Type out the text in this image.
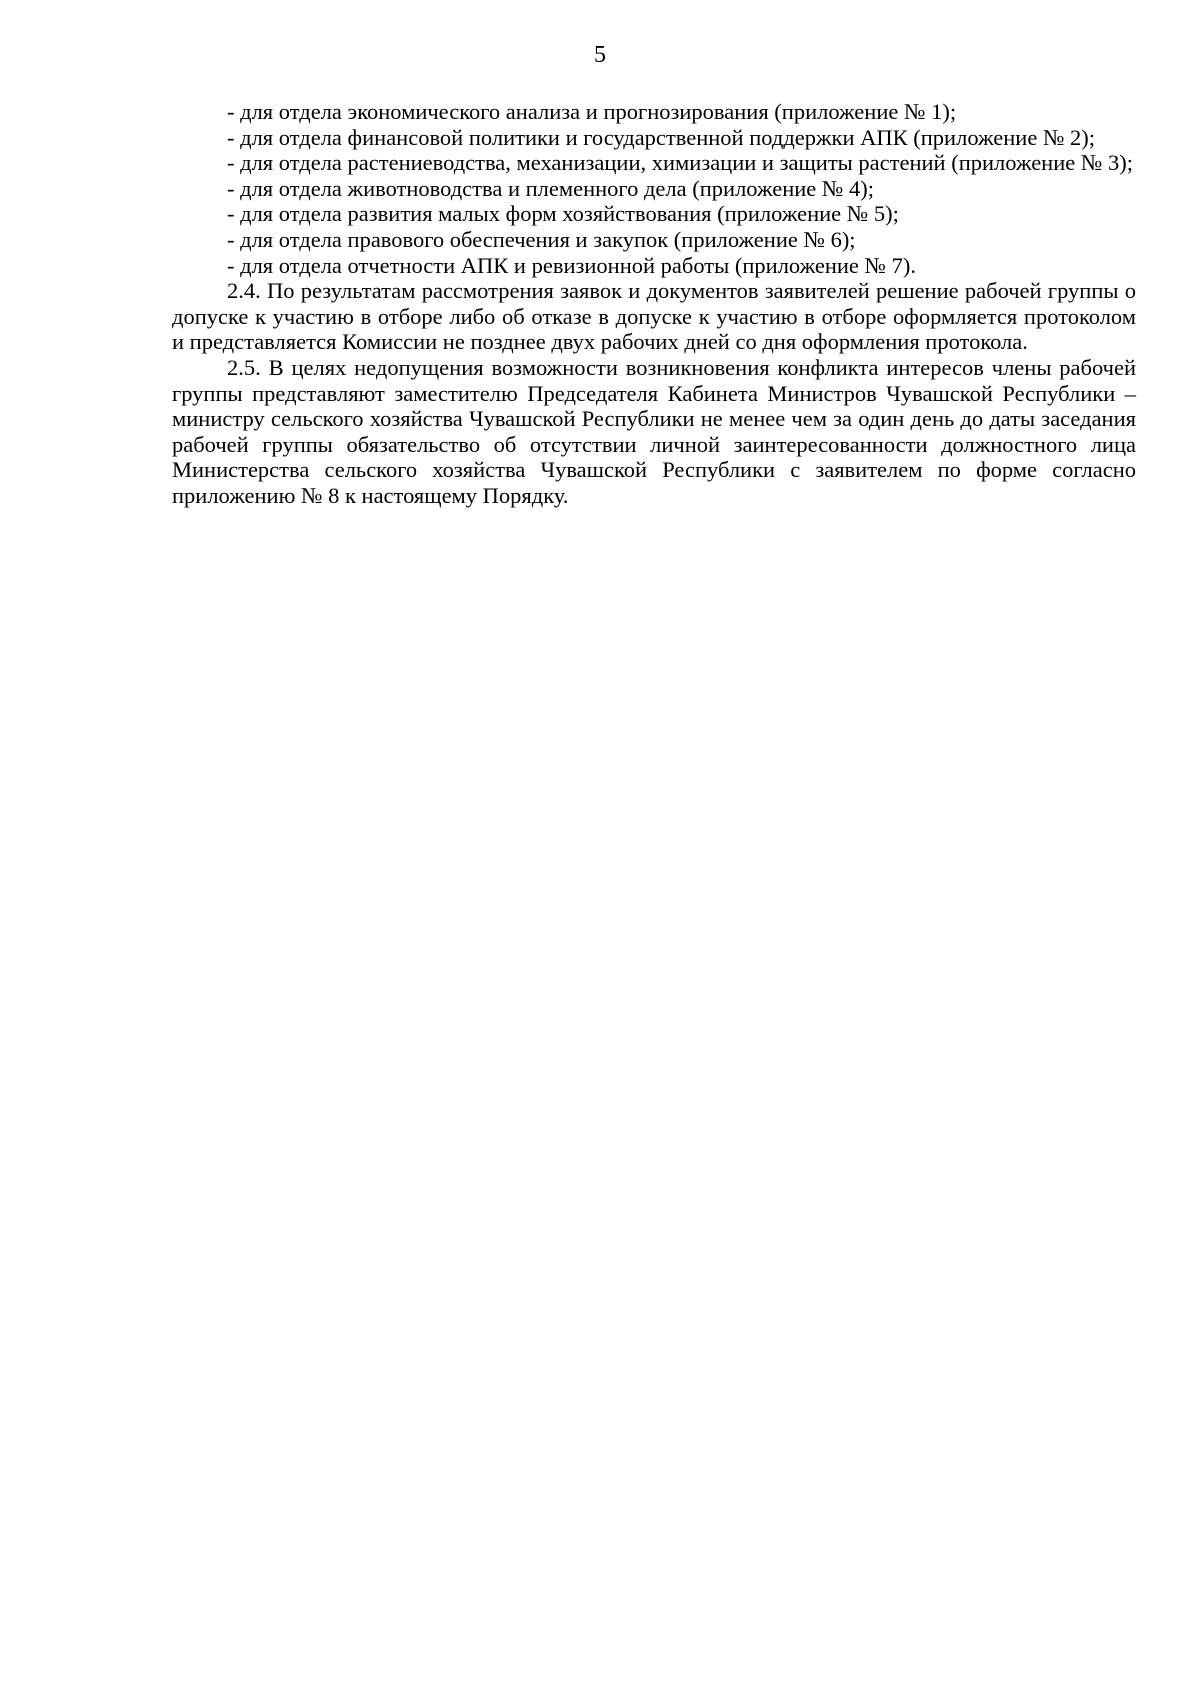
5

- для отдела экономического анализа и прогнозирования (приложение № 1);

- для отдела финансовой политики и государственной поддержки АПК (приложение № 2);

- для отдела растениеводства, механизации, химизации и защиты растений (приложение № 3);

- для отдела животноводства и племенного дела (приложение № 4);

- для отдела развития малых форм хозяйствования (приложение № 5);

- для отдела правового обеспечения и закупок (приложение № 6);

- для отдела отчетности АПК и ревизионной работы (приложение № 7).

2.4. По результатам рассмотрения заявок и документов заявителей решение рабочей группы о допуске к участию в отборе либо об отказе в допуске к участию в отборе оформляется протоколом и представляется Комиссии не позднее двух рабочих дней со дня оформления протокола.

2.5. В целях недопущения возможности возникновения конфликта интересов члены рабочей группы представляют заместителю Председателя Кабинета Министров Чувашской Республики – министру сельского хозяйства Чувашской Республики не менее чем за один день до даты заседания рабочей группы обязательство об отсутствии личной заинтересованности должностного лица Министерства сельского хозяйства Чувашской Республики с заявителем по форме согласно приложению № 8 к настоящему Порядку.
